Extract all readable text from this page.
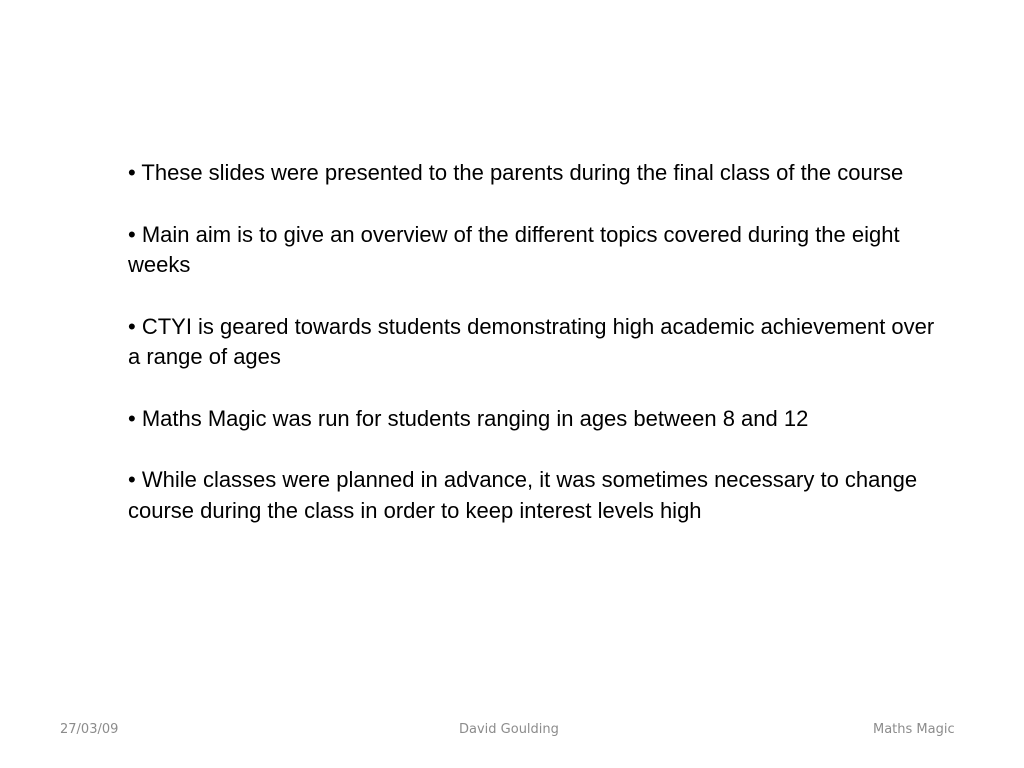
• These slides were presented to the parents during the final class of the course

• Main aim is to give an overview of the different topics covered during the eight weeks

• CTYI is geared towards students demonstrating high academic achievement over a range of ages

• Maths Magic was run for students ranging in ages between 8 and 12

• While classes were planned in advance, it was sometimes necessary to change course during the class in order to keep interest levels high

27/03/09	David Goulding	Maths Magic
